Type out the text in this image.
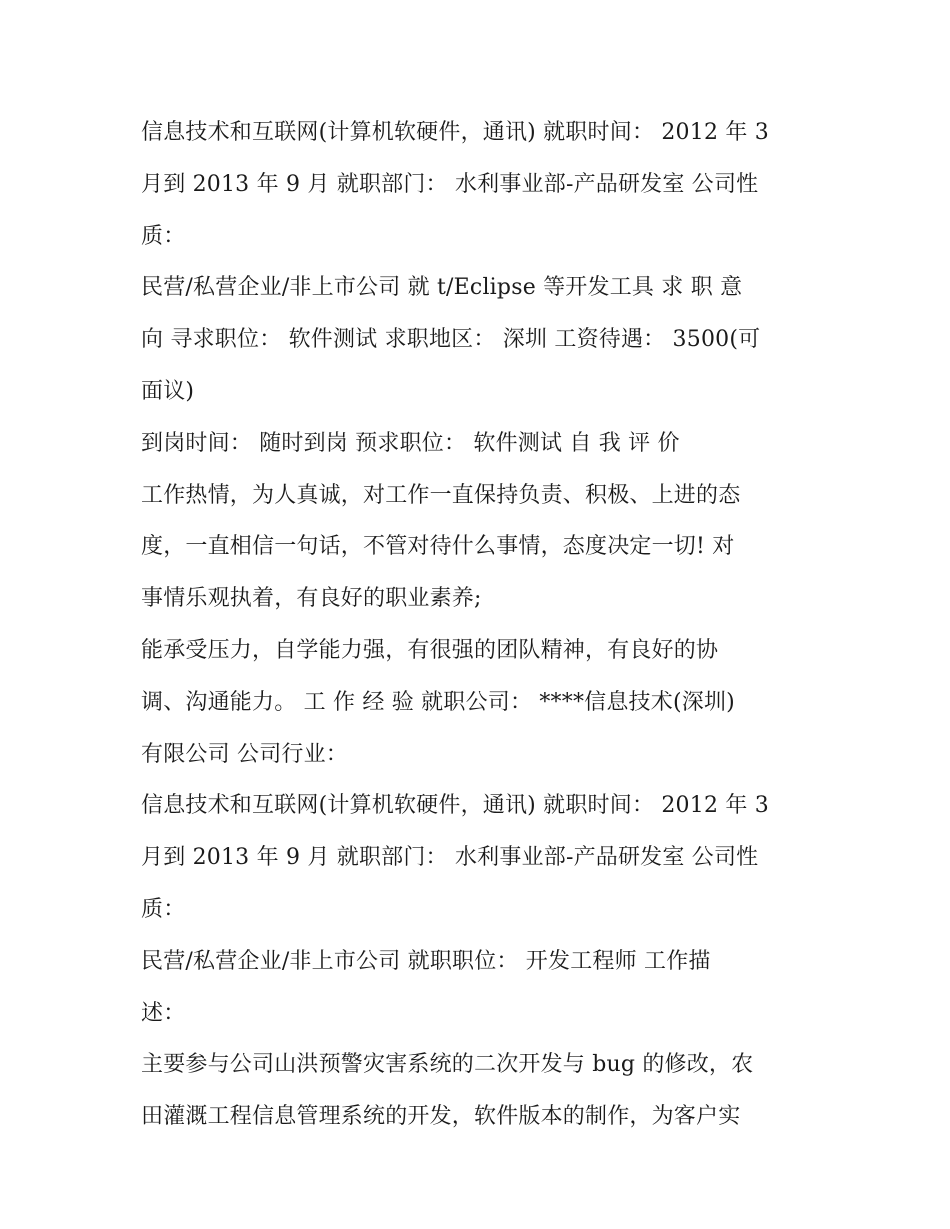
信息技术和互联网(计算机软硬件，通讯) 就职时间： 2012 年 3
月到 2013 年 9 月 就职部门： 水利事业部-产品研发室 公司性
质：
民营/私营企业/非上市公司 就 t/Eclipse 等开发工具 求 职 意
向 寻求职位： 软件测试 求职地区： 深圳 工资待遇： 3500(可
面议)
到岗时间： 随时到岗 预求职位： 软件测试 自 我 评 价
工作热情，为人真诚，对工作一直保持负责、积极、上进的态
度，一直相信一句话，不管对待什么事情，态度决定一切! 对
事情乐观执着，有良好的职业素养;
能承受压力，自学能力强，有很强的团队精神，有良好的协
调、沟通能力。 工 作 经 验 就职公司： ****信息技术(深圳)
有限公司 公司行业：
信息技术和互联网(计算机软硬件，通讯) 就职时间： 2012 年 3
月到 2013 年 9 月 就职部门： 水利事业部-产品研发室 公司性
质：
民营/私营企业/非上市公司 就职职位： 开发工程师 工作描
述：
主要参与公司山洪预警灾害系统的二次开发与 bug 的修改，农
田灌溉工程信息管理系统的开发，软件版本的制作，为客户实
